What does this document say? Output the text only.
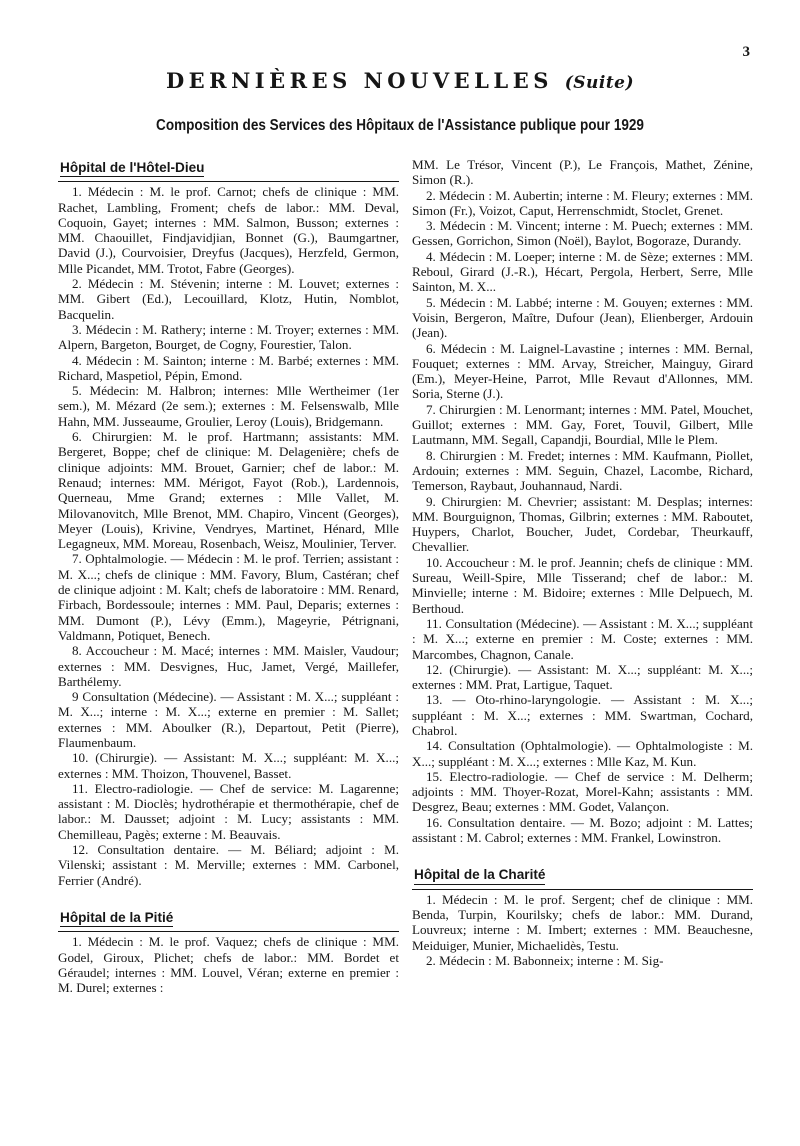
3
DERNIÈRES NOUVELLES (Suite)
Composition des Services des Hôpitaux de l'Assistance publique pour 1929
Hôpital de l'Hôtel-Dieu

1. Médecin : M. le prof. Carnot; chefs de clinique : MM. Rachet, Lambling, Froment; chefs de labor.: MM. Deval, Coquoin, Gayet; internes : MM. Salmon, Busson; externes : MM. Chaouillet, Findjavidjian, Bonnet (G.), Baumgartner, David (J.), Courvoisier, Dreyfus (Jacques), Herzfeld, Germon, Mlle Picandet, MM. Trotot, Fabre (Georges).

2. Médecin : M. Stévenin; interne : M. Louvet; externes : MM. Gibert (Ed.), Lecouillard, Klotz, Hutin, Nomblot, Bacquelin.

3. Médecin : M. Rathery; interne : M. Troyer; externes : MM. Alpern, Bargeton, Bourget, de Cogny, Fourestier, Talon.

4. Médecin : M. Sainton; interne : M. Barbé; externes : MM. Richard, Maspetiol, Pépin, Emond.

5. Médecin: M. Halbron; internes: Mlle Wertheimer (1er sem.), M. Mézard (2e sem.); externes : M. Felsenswalb, Mlle Hahn, MM. Jusseaume, Groulier, Leroy (Louis), Bridgemann.

6. Chirurgien: M. le prof. Hartmann; assistants: MM. Bergeret, Boppe; chef de clinique: M. Delagenière; chefs de clinique adjoints: MM. Brouet, Garnier; chef de labor.: M. Renaud; internes: MM. Mérigot, Fayot (Rob.), Lardennois, Querneau, Mme Grand; externes : Mlle Vallet, M. Milovanovitch, Mlle Brenot, MM. Chapiro, Vincent (Georges), Meyer (Louis), Krivine, Vendryes, Martinet, Hénard, Mlle Legagneux, MM. Moreau, Rosenbach, Weisz, Moulinier, Terver.

7. Ophtalmologie. — Médecin : M. le prof. Terrien; assistant : M. X...; chefs de clinique : MM. Favory, Blum, Castéran; chef de clinique adjoint : M. Kalt; chefs de laboratoire : MM. Renard, Firbach, Bordessoule; internes : MM. Paul, Deparis; externes : MM. Dumont (P.), Lévy (Emm.), Mageyrie, Pétrignani, Valdmann, Potiquet, Benech.

8. Accoucheur : M. Macé; internes : MM. Maisler, Vaudour; externes : MM. Desvignes, Huc, Jamet, Vergé, Maillefer, Barthélemy.

9 Consultation (Médecine). — Assistant : M. X...; suppléant : M. X...; interne : M. X...; externe en premier : M. Sallet; externes : MM. Aboulker (R.), Departout, Petit (Pierre), Flaumenbaum.

10. (Chirurgie). — Assistant: M. X...; suppléant: M. X...; externes : MM. Thoizon, Thouvenel, Basset.

11. Electro-radiologie. — Chef de service: M. Lagarenne; assistant : M. Dioclès; hydrothérapie et thermothérapie, chef de labor.: M. Dausset; adjoint : M. Lucy; assistants : MM. Chemilleau, Pagès; externe : M. Beauvais.

12. Consultation dentaire. — M. Béliard; adjoint : M. Vilenski; assistant : M. Merville; externes : MM. Carbonel, Ferrier (André).

Hôpital de la Pitié

1. Médecin : M. le prof. Vaquez; chefs de clinique : MM. Godel, Giroux, Plichet; chefs de labor.: MM. Bordet et Géraudel; internes : MM. Louvel, Véran; externe en premier : M. Durel; externes :

MM. Le Trésor, Vincent (P.), Le François, Mathet, Zénine, Simon (R.).

2. Médecin : M. Aubertin; interne : M. Fleury; externes : MM. Simon (Fr.), Voizot, Caput, Herrenschmidt, Stoclet, Grenet.

3. Médecin : M. Vincent; interne : M. Puech; externes : MM. Gessen, Gorrichon, Simon (Noël), Baylot, Bogoraze, Durandy.

4. Médecin : M. Loeper; interne : M. de Sèze; externes : MM. Reboul, Girard (J.-R.), Hécart, Pergola, Herbert, Serre, Mlle Sainton, M. X...

5. Médecin : M. Labbé; interne : M. Gouyen; externes : MM. Voisin, Bergeron, Maître, Dufour (Jean), Elienberger, Ardouin (Jean).

6. Médecin : M. Laignel-Lavastine ; internes : MM. Bernal, Fouquet; externes : MM. Arvay, Streicher, Mainguy, Girard (Em.), Meyer-Heine, Parrot, Mlle Revaut d'Allonnes, MM. Soria, Sterne (J.).

7. Chirurgien : M. Lenormant; internes : MM. Patel, Mouchet, Guillot; externes : MM. Gay, Foret, Touvil, Gilbert, Mlle Lautmann, MM. Segall, Capandji, Bourdial, Mlle le Plem.

8. Chirurgien : M. Fredet; internes : MM. Kaufmann, Piollet, Ardouin; externes : MM. Seguin, Chazel, Lacombe, Richard, Temerson, Raybaut, Jouhannaud, Nardi.

9. Chirurgien: M. Chevrier; assistant: M. Desplas; internes: MM. Bourguignon, Thomas, Gilbrin; externes : MM. Raboutet, Huypers, Charlot, Boucher, Judet, Cordebar, Theurkauff, Chevallier.

10. Accoucheur : M. le prof. Jeannin; chefs de clinique : MM. Sureau, Weill-Spire, Mlle Tisserand; chef de labor.: M. Minvielle; interne : M. Bidoire; externes : Mlle Delpuech, M. Berthoud.

11. Consultation (Médecine). — Assistant : M. X...; suppléant : M. X...; externe en premier : M. Coste; externes : MM. Marcombes, Chagnon, Canale.

12. (Chirurgie). — Assistant: M. X...; suppléant: M. X...; externes : MM. Prat, Lartigue, Taquet.

13. — Oto-rhino-laryngologie. — Assistant : M. X...; suppléant : M. X...; externes : MM. Swartman, Cochard, Chabrol.

14. Consultation (Ophtalmologie). — Ophtalmologiste : M. X...; suppléant : M. X...; externes : Mlle Kaz, M. Kun.

15. Electro-radiologie. — Chef de service : M. Delherm; adjoints : MM. Thoyer-Rozat, Morel-Kahn; assistants : MM. Desgrez, Beau; externes : MM. Godet, Valançon.

16. Consultation dentaire. — M. Bozo; adjoint : M. Lattes; assistant : M. Cabrol; externes : MM. Frankel, Lowinstron.

Hôpital de la Charité

1. Médecin : M. le prof. Sergent; chef de clinique : MM. Benda, Turpin, Kourilsky; chefs de labor.: MM. Durand, Louvreux; interne : M. Imbert; externes : MM. Beauchesne, Meiduiger, Munier, Michaelidès, Testu.

2. Médecin : M. Babonneix; interne : M. Sig-
